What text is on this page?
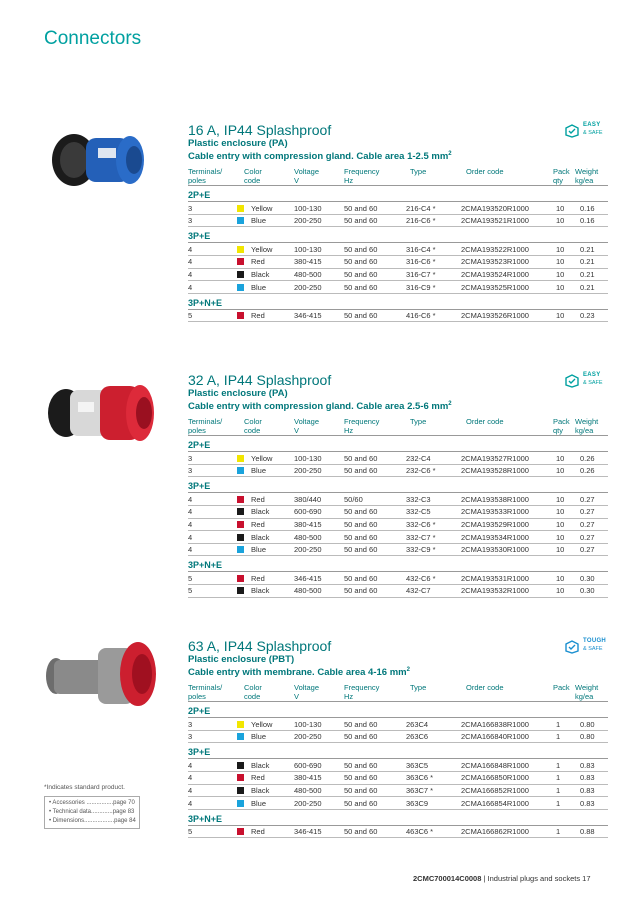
Connectors
16 A, IP44 Splashproof
Plastic enclosure (PA)
Cable entry with compression gland. Cable area 1-2.5 $mm^2$
Terminals/
poles
Color
code
Voltage
V
Frequency
Hz
Type	Order code	Pack
qty
Weight
kg/ea
2P+E
3	Yellow	100-130	50 and 60	216-C4 *	2CMA193520R1000	10 0.16
3	Blue	200-250	50 and 60	216-C6 *	2CMA193521R1000	10 0.16
3P+E
4	Yellow	100-130	50 and 60	316-C4 *	2CMA193522R1000	10 0.21
4	Red	380-415	50 and 60	316-C6 *	2CMA193523R1000	10 0.21
4	Black	480-500	50 and 60	316-C7 *	2CMA193524R1000	10 0.21
4	Blue	200-250	50 and 60	316-C9 *	2CMA193525R1000	10 0.21
3P+N+E
5	Red	346-415	50 and 60	416-C6 *	2CMA193526R1000	10 0.23
32 A, IP44 Splashproof
Plastic enclosure (PA)
Cable entry with compression gland. Cable area 2.5-6 $mm^2$
Terminals/
poles
Color
code
Voltage
V
Frequency
Hz
Type	Order code	Pack
qty
Weight
kg/ea
2P+E
3	Yellow	100-130	50 and 60	232-C4	2CMA193527R1000	10 0.26
3	Blue	200-250	50 and 60	232-C6 *	2CMA193528R1000	10 0.26
3P+E
4	Red	380/440	50/60	332-C3	2CMA193538R1000	10 0.27
4	Black	600-690	50 and 60	332-C5	2CMA193533R1000	10 0.27
4	Red	380-415	50 and 60	332-C6 *	2CMA193529R1000	10 0.27
4	Black	480-500	50 and 60	332-C7 *	2CMA193534R1000	10 0.27
4	Blue	200-250	50 and 60	332-C9 *	2CMA193530R1000	10 0.27
3P+N+E
5	Red	346-415	50 and 60	432-C6 *	2CMA193531R1000	10 0.30
5	Black	480-500	50 and 60	432-C7	2CMA193532R1000	10 0.30
63 A, IP44 Splashproof
Plastic enclosure (PBT)
Cable entry with membrane. Cable area 4-16 $mm^2$
Terminals/
poles
Color
code
Voltage
V
Frequency
Hz
Type	Order code	Pack Weight
kg/ea
2P+E
3	Yellow	100-130	50 and 60	263C4	2CMA166838R1000	1	0.80
3	Blue	200-250	50 and 60	263C6	2CMA166840R1000	1	0.80
3P+E
4	Black	600-690	50 and 60	363C5	2CMA166848R1000	1	0.83
4	Red	380-415	50 and 60	363C6 *	2CMA166850R1000	1	0.83
4	Black	480-500	50 and 60	363C7 *	2CMA166852R1000	1	0.83
4	Blue	200-250	50 and 60	363C9	2CMA166854R1000	1	0.83
3P+N+E
5	Red	346-415	50 and 60	463C6 *	2CMA166862R1000	1	0.88
*Indicates standard product.
• Accessories ................page 70
• Technical data.............page 83
• Dimensions..................page 84
2CMC700014C0008 | Industrial plugs and sockets 17
EASY
& SAFE
EASY
& SAFE
TOUGH
& SAFE
